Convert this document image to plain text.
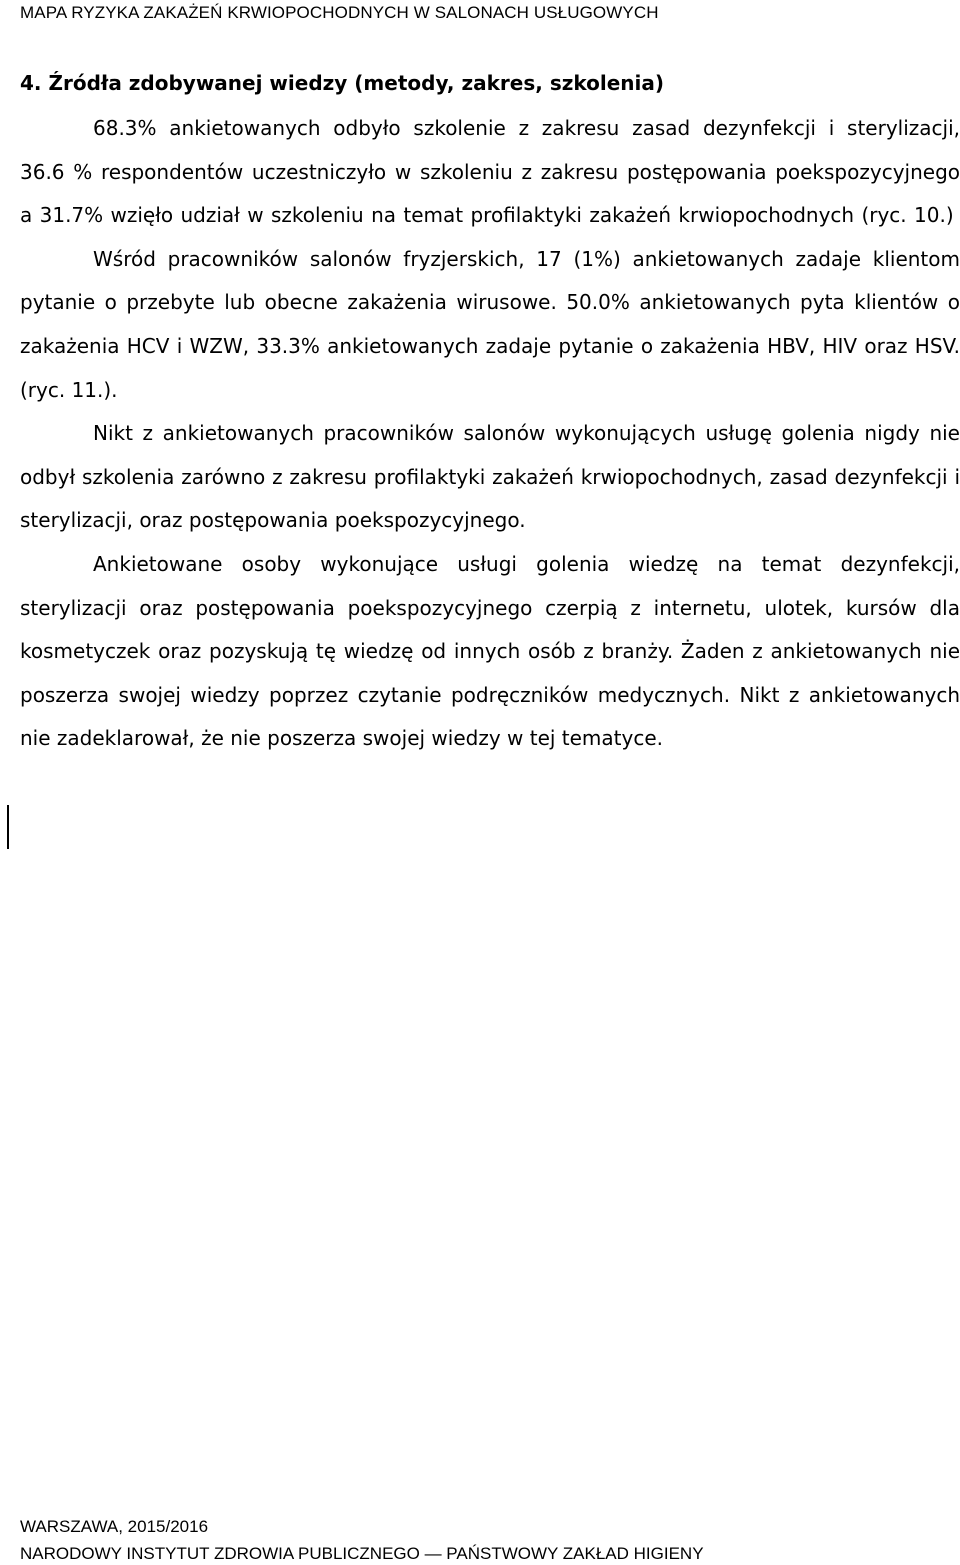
MAPA RYZYKA ZAKAŻEŃ KRWIOPOCHODNYCH W SALONACH USŁUGOWYCH
4. Źródła zdobywanej wiedzy (metody, zakres, szkolenia)

68.3% ankietowanych odbyło szkolenie z zakresu zasad dezynfekcji i sterylizacji, 36.6 % respondentów uczestniczyło w szkoleniu z zakresu postępowania poekspozycyjnego a 31.7% wzięło udział w szkoleniu na temat profilaktyki zakażeń krwiopochodnych (ryc. 10.)

Wśród pracowników salonów fryzjerskich, 17 (1%) ankietowanych zadaje klientom pytanie o przebyte lub obecne zakażenia wirusowe. 50.0% ankietowanych pyta klientów o zakażenia HCV i WZW, 33.3% ankietowanych zadaje pytanie o zakażenia HBV, HIV oraz HSV. (ryc. 11.).

Nikt z ankietowanych pracowników salonów wykonujących usługę golenia nigdy nie odbył szkolenia zarówno z zakresu profilaktyki zakażeń krwiopochodnych, zasad dezynfekcji i sterylizacji, oraz postępowania poekspozycyjnego.

Ankietowane osoby wykonujące usługi golenia wiedzę na temat dezynfekcji, sterylizacji oraz postępowania poekspozycyjnego czerpią z internetu, ulotek, kursów dla kosmetyczek oraz pozyskują tę wiedzę od innych osób z branży. Żaden z ankietowanych nie poszerza swojej wiedzy poprzez czytanie podręczników medycznych. Nikt z ankietowanych nie zadeklarował, że nie poszerza swojej wiedzy w tej tematyce.

WARSZAWA, 2015/2016
NARODOWY INSTYTUT ZDROWIA PUBLICZNEGO — PAŃSTWOWY ZAKŁAD HIGIENY
